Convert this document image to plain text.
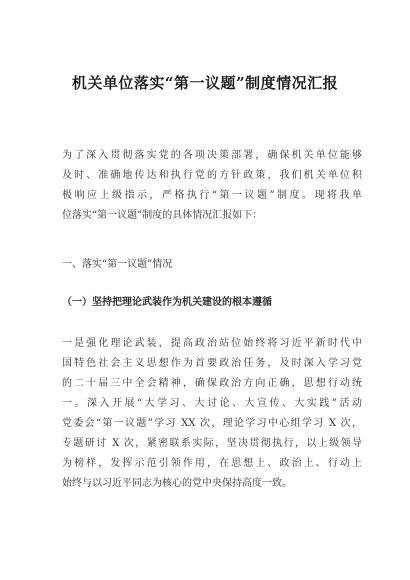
机关单位落实“第一议题”制度情况汇报
为了深入贯彻落实党的各项决策部署，确保机关单位能够
及时、准确地传达和执行党的方针政策，我们机关单位积
极响应上级指示，严格执行“第一议题”制度。现将我单
位落实“第一议题”制度的具体情况汇报如下：
一、落实“第一议题”情况
（一）坚持把理论武装作为机关建设的根本遵循
一是强化理论武装，提高政治站位始终将习近平新时代中
国特色社会主义思想作为首要政治任务，及时深入学习党
的二十届三中全会精神，确保政治方向正确，思想行动统
一。深入开展“大学习、大讨论、大宣传、大实践”活动
党委会“第一议题”学习 XX 次，理论学习中心组学习 X 次，
专题研讨 X 次，紧密联系实际，坚决贯彻执行，以上级领导
为榜样，发挥示范引领作用，在思想上、政治上、行动上
始终与以习近平同志为核心的党中央保持高度一致。
